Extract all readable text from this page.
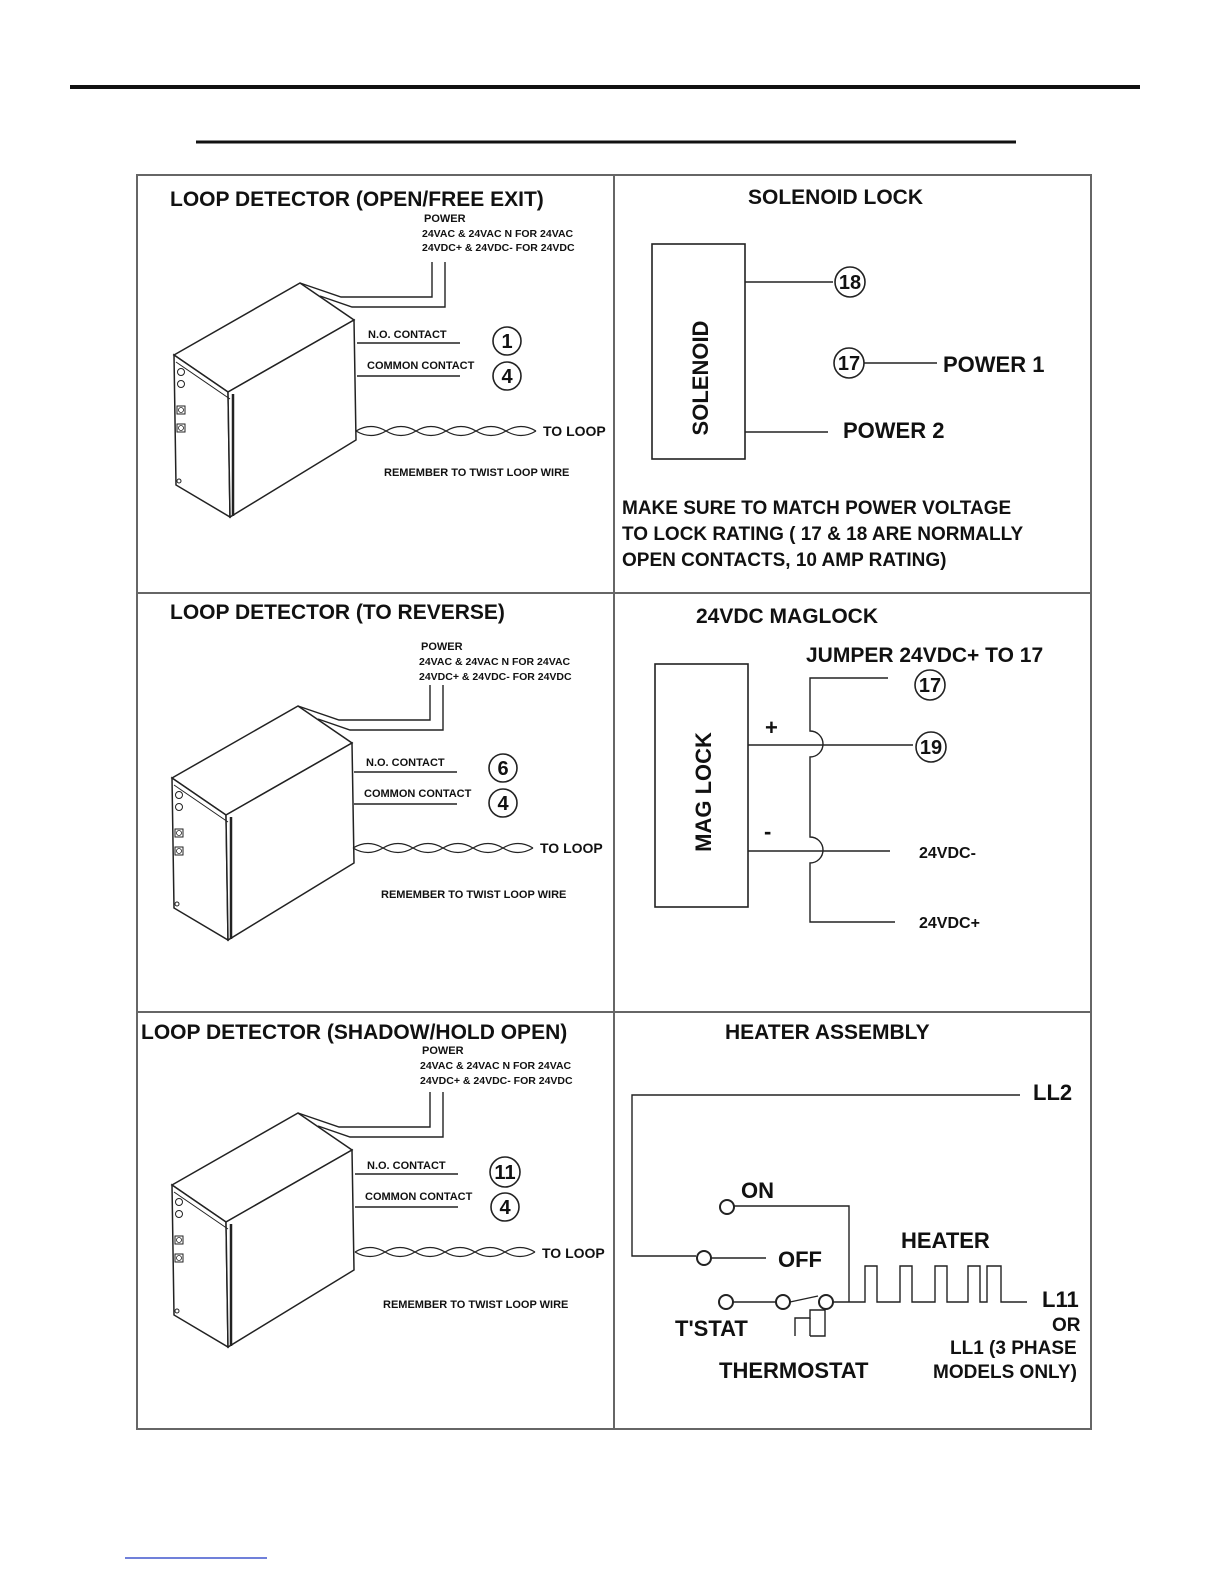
LOOP DETECTOR (OPEN/FREE EXIT)
POWER
24VAC & 24VAC N FOR 24VAC
24VDC+ & 24VDC- FOR 24VDC
N.O. CONTACT
COMMON CONTACT
1
4
TO LOOP
REMEMBER TO TWIST LOOP WIRE
SOLENOID LOCK
SOLENOID
18
17	POWER 1
POWER 2
MAKE SURE TO MATCH POWER VOLTAGE
TO LOCK RATING ( 17 & 18 ARE NORMALLY
OPEN CONTACTS, 10 AMP RATING)
LOOP DETECTOR (TO REVERSE)
POWER
24VAC & 24VAC N FOR 24VAC
24VDC+ & 24VDC- FOR 24VDC
N.O. CONTACT
COMMON CONTACT
6
4
TO LOOP
REMEMBER TO TWIST LOOP WIRE
24VDC MAGLOCK
JUMPER 24VDC+ TO 17
MAG LOCK
+
-
17
19
24VDC-
24VDC+
LOOP DETECTOR (SHADOW/HOLD OPEN)
POWER
24VAC & 24VAC N FOR 24VAC
24VDC+ & 24VDC- FOR 24VDC
N.O. CONTACT
COMMON CONTACT
11
4
TO LOOP
REMEMBER TO TWIST LOOP WIRE
HEATER ASSEMBLY
LL2
ON
OFF
HEATER
T'STAT
THERMOSTAT
L11
OR
LL1 (3 PHASE
MODELS ONLY)
